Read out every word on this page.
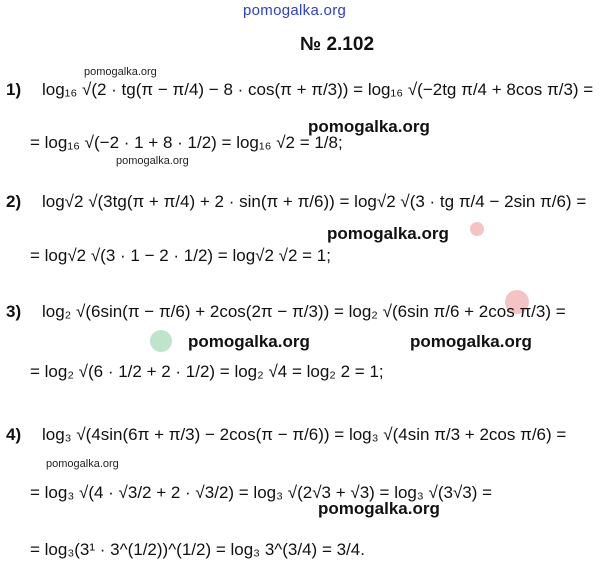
pomogalka.org
pomogalka.org
pomogalka.org
pomogalka.org
pomogalka.org
pomogalka.org
pomogalka.org	pomogalka.org
pomogalka.org
№ 2.102
1) log₁₆ √(2 · tg(π − π/4) − 8 · cos(π + π/3)) = log₁₆ √(−2tg π/4 + 8cos π/3) =
= log₁₆ √(−2 · 1 + 8 · 1/2) = log₁₆ √2 = 1/8;
2) log√2 √(3tg(π + π/4) + 2 · sin(π + π/6)) = log√2 √(3 · tg π/4 − 2sin π/6) =
= log√2 √(3 · 1 − 2 · 1/2) = log√2 √2 = 1;
3) log₂ √(6sin(π − π/6) + 2cos(2π − π/3)) = log₂ √(6sin π/6 + 2cos π/3) =
= log₂ √(6 · 1/2 + 2 · 1/2) = log₂ √4 = log₂ 2 = 1;
4) log₃ √(4sin(6π + π/3) − 2cos(π − π/6)) = log₃ √(4sin π/3 + 2cos π/6) =
= log₃ √(4 · √3/2 + 2 · √3/2) = log₃ √(2√3 + √3) = log₃ √(3√3) =
= log₃(3¹ · 3^(1/2))^(1/2) = log₃ 3^(3/4) = 3/4.
